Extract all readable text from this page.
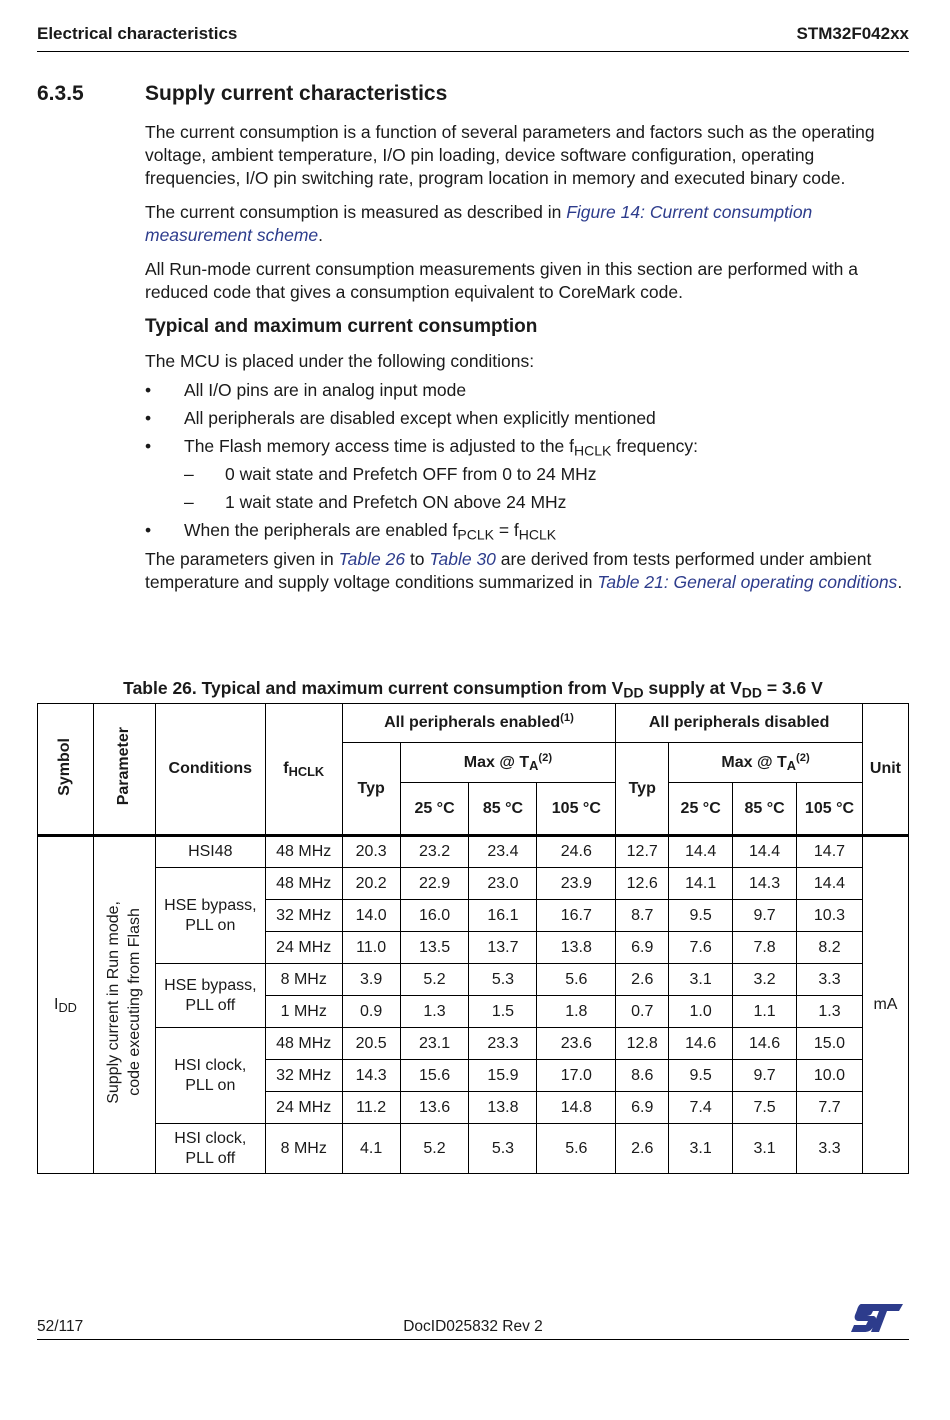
Electrical characteristics	STM32F042xx
6.3.5	Supply current characteristics

The current consumption is a function of several parameters and factors such as the operating voltage, ambient temperature, I/O pin loading, device software configuration, operating frequencies, I/O pin switching rate, program location in memory and executed binary code.

The current consumption is measured as described in Figure 14: Current consumption measurement scheme.

All Run-mode current consumption measurements given in this section are performed with a reduced code that gives a consumption equivalent to CoreMark code.

Typical and maximum current consumption

The MCU is placed under the following conditions:

• All I/O pins are in analog input mode
• All peripherals are disabled except when explicitly mentioned
• The Flash memory access time is adjusted to the $f_{HCLK}$ frequency:
– 0 wait state and Prefetch OFF from 0 to 24 MHz
– 1 wait state and Prefetch ON above 24 MHz
• When the peripherals are enabled $f_{PCLK} = f_{HCLK}$

The parameters given in Table 26 to Table 30 are derived from tests performed under ambient temperature and supply voltage conditions summarized in Table 21: General operating conditions.

Table 26. Typical and maximum current consumption from $V_{DD}$ supply at $V_{DD} = 3.6$ V
Symbol	Parameter	Conditions	$f_{HCLK}$	All peripherals enabled$^{(1)}$				All peripherals disabled				Unit
				Typ	Max @ $T_A^{(2)}$			Typ	Max @ $T_A^{(2)}$
					25 °C	85 °C	105 °C		25 °C	85 °C	105 °C	
$I_{DD}$	Supply current in Run mode, code executing from Flash	HSI48	48 MHz	20.3	23.2	23.4	24.6	12.7	14.4	14.4	14.7	mA
		HSE bypass,
PLL on	48 MHz	20.2	22.9	23.0	23.9	12.6	14.1	14.3	14.4	
			32 MHz	14.0	16.0	16.1	16.7	8.7	9.5	9.7	10.3	
			24 MHz	11.0	13.5	13.7	13.8	6.9	7.6	7.8	8.2	
		HSE bypass,
PLL off	8 MHz	3.9	5.2	5.3	5.6	2.6	3.1	3.2	3.3	
			1 MHz	0.9	1.3	1.5	1.8	0.7	1.0	1.1	1.3	
		HSI clock,
PLL on	48 MHz	20.5	23.1	23.3	23.6	12.8	14.6	14.6	15.0	
			32 MHz	14.3	15.6	15.9	17.0	8.6	9.5	9.7	10.0	
			24 MHz	11.2	13.6	13.8	14.8	6.9	7.4	7.5	7.7	
		HSI clock,
PLL off	8 MHz	4.1	5.2	5.3	5.6	2.6	3.1	3.1	3.3	
52/117	DocID025832 Rev 2
